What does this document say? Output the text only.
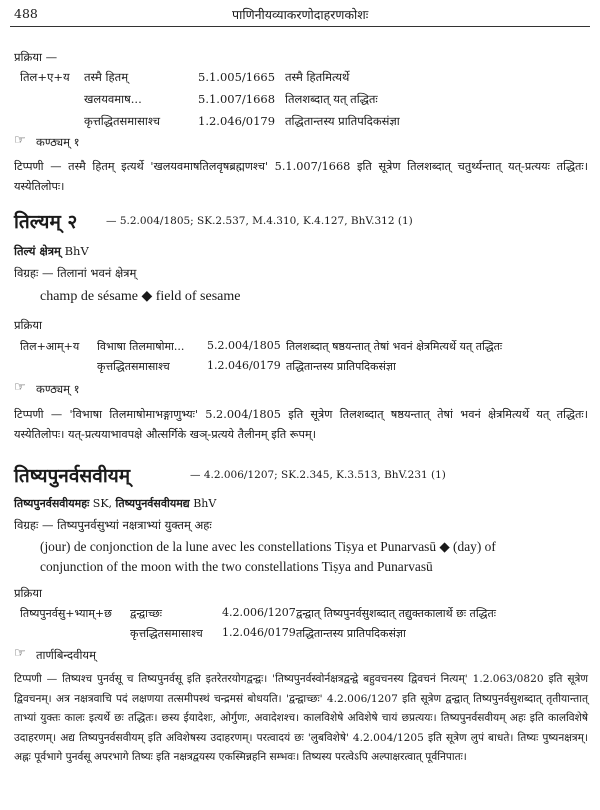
488	पाणिनीयव्याकरणोदाहरणकोशः
प्रक्रिया —
तिल+ए+य तस्मै हितम्	5.1.005/1665 तस्मै हितमित्यर्थे
खलयवमाष...	5.1.007/1668 तिलशब्दात् यत् तद्धितः
कृत्तद्धितसमासाश्च	1.2.046/0179 तद्धितान्तस्य प्रातिपदिकसंज्ञा
☞ कण्ठ्यम् १
टिप्पणी — तस्मै हितम् इत्यर्थे 'खलयवमाषतिलवृषब्रह्मणश्च' 5.1.007/1668 इति सूत्रेण तिलशब्दात् चतुर्थ्यन्तात् यत्-प्रत्ययः तद्धितः। यस्येतिलोपः।
तिल्यम् २	— 5.2.004/1805; SK.2.537, M.4.310, K.4.127, BhV.312 (1)
तिल्यं क्षेत्रम् BhV
विग्रहः — तिलानां भवनं क्षेत्रम्
champ de sésame ◆ field of sesame
प्रक्रिया
तिल+आम्+य विभाषा तिलमाषोमा... 5.2.004/1805 तिलशब्दात् षष्ठयन्तात् तेषां भवनं क्षेत्रमित्यर्थे यत् तद्धितः
कृत्तद्धितसमासाश्च	1.2.046/0179 तद्धितान्तस्य प्रातिपदिकसंज्ञा
☞ कण्ठ्यम् १
टिप्पणी — 'विभाषा तिलमाषोमाभङ्गाणुभ्यः' 5.2.004/1805 इति सूत्रेण तिलशब्दात् षष्ठयन्तात् तेषां भवनं क्षेत्रमित्यर्थे यत् तद्धितः। यस्येतिलोपः। यत्-प्रत्ययाभावपक्षे औत्सर्गिके खञ्-प्रत्यये तैलीनम् इति रूपम्।
तिष्यपुनर्वसवीयम्	— 4.2.006/1207; SK.2.345, K.3.513, BhV.231 (1)
तिष्यपुनर्वसवीयमहः SK, तिष्यपुनर्वसवीयमद्य BhV
विग्रहः — तिष्यपुनर्वसुभ्यां नक्षत्राभ्यां युक्तम् अहः
(jour) de conjonction de la lune avec les constellations Tiṣya et Punarvasū ◆ (day) of
conjunction of the moon with the two constellations Tiṣya and Punarvasū
प्रक्रिया
तिष्यपुनर्वसु+भ्याम्+छ द्वन्द्वाच्छः	4.2.006/1207 द्वन्द्वात् तिष्यपुनर्वसुशब्दात् तद्युक्तकालार्थे छः तद्धितः
कृत्तद्धितसमासाश्च 1.2.046/0179 तद्धितान्तस्य प्रातिपदिकसंज्ञा
☞ तार्णबिन्दवीयम्
टिप्पणी — तिष्यश्च पुनर्वसू च तिष्यपुनर्वसू इति इतरेतरयोगद्वन्द्वः। 'तिष्यपुनर्वस्वोर्नक्षत्रद्वन्द्वे बहुवचनस्य द्विवचनं नित्यम्' 1.2.063/0820 इति सूत्रेण द्विवचनम्। अत्र नक्षत्रवाचि पदं लक्षणया तत्समीपस्थं चन्द्रमसं बोधयति। 'द्वन्द्वाच्छः' 4.2.006/1207 इति सूत्रेण द्वन्द्वात् तिष्यपुनर्वसुशब्दात् तृतीयान्तात् ताभ्यां युक्तः कालः इत्यर्थे छः तद्धितः। छस्य ईयादेशः, ओर्गुणः, अवादेशश्च। कालविशेषे अविशेषे चायं छप्रत्ययः। तिष्यपुनर्वसवीयम् अहः इति कालविशेषे उदाहरणम्। अद्य तिष्यपुनर्वसवीयम् इति अविशेषस्य उदाहरणम्। परत्वादयं छः 'लुबविशेषे' 4.2.004/1205 इति सूत्रेण लुपं बाधते। तिष्यः पुष्यनक्षत्रम्। अह्नः पूर्वभागे पुनर्वसू अपरभागे तिष्यः इति नक्षत्रद्वयस्य एकस्मिन्नहनि सम्भवः। तिष्यस्य परत्वेऽपि अल्पाक्षरत्वात् पूर्वनिपातः।
